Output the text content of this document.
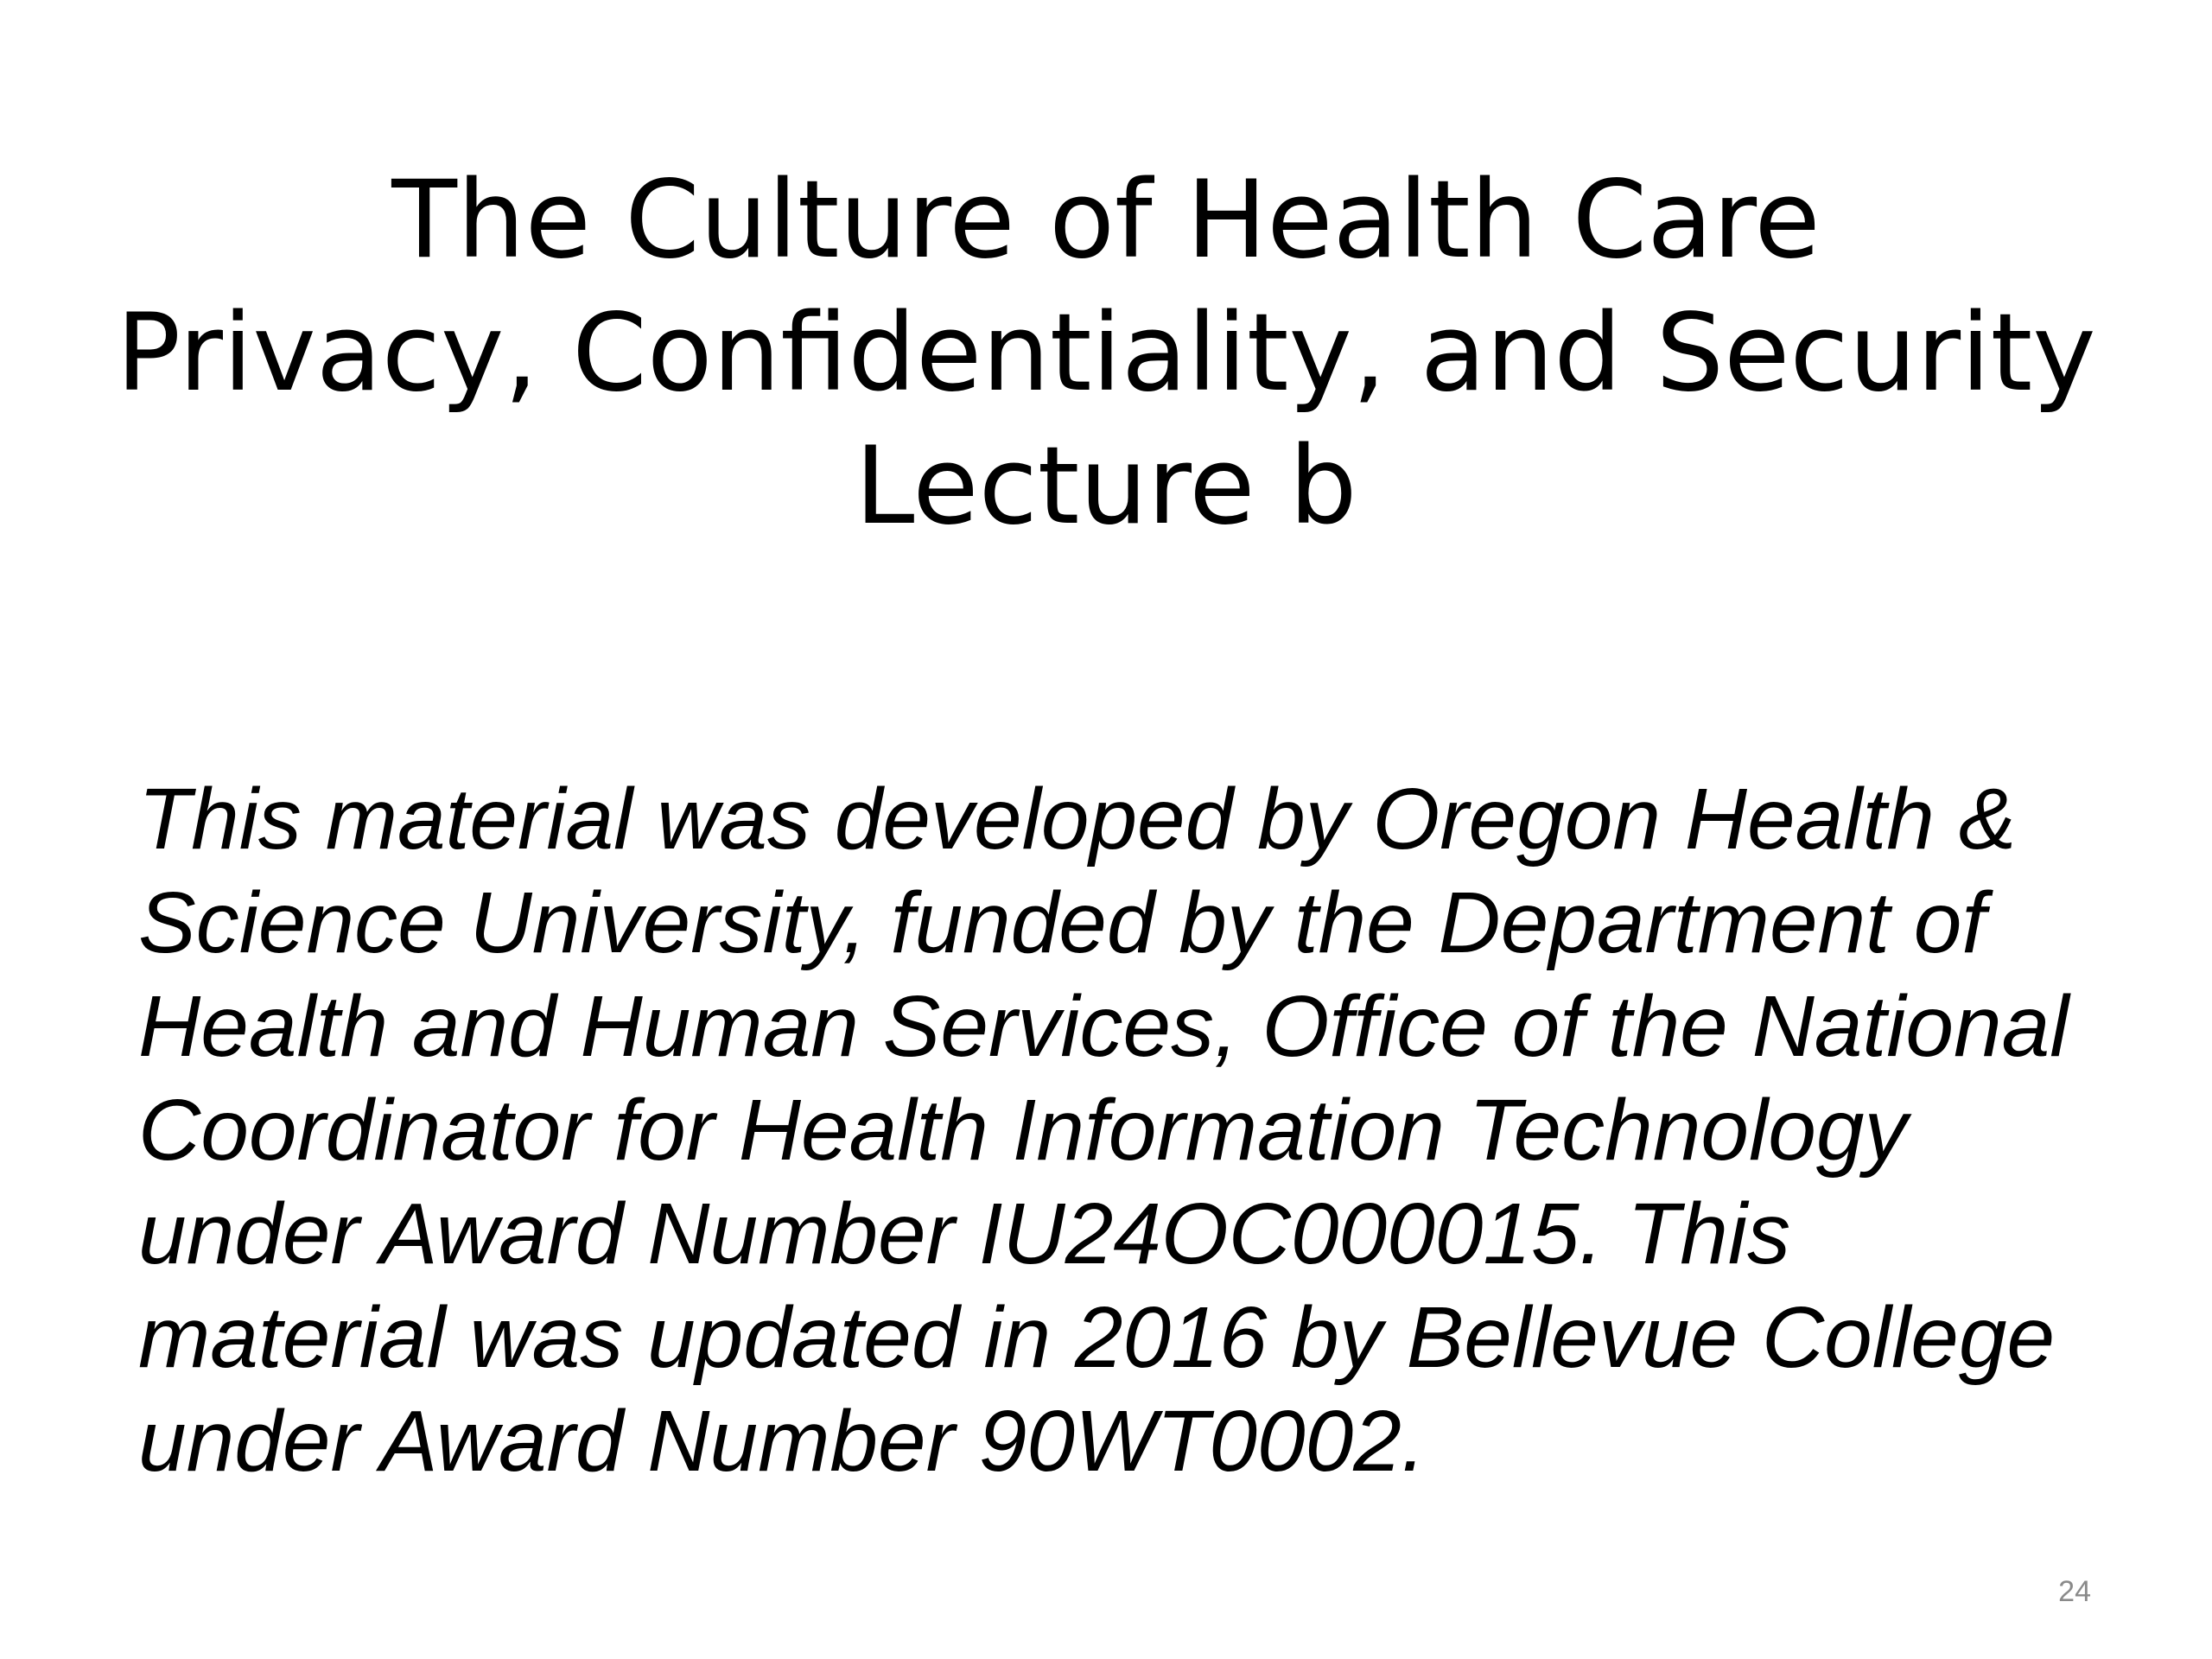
The Culture of Health Care
Privacy, Confidentiality, and Security
Lecture b
This material was developed by Oregon Health &
Science University, funded by the Department of
Health and Human Services, Office of the National
Coordinator for Health Information Technology
under Award Number IU24OC000015. This
material was updated in 2016 by Bellevue College
under Award Number 90WT0002.
24
